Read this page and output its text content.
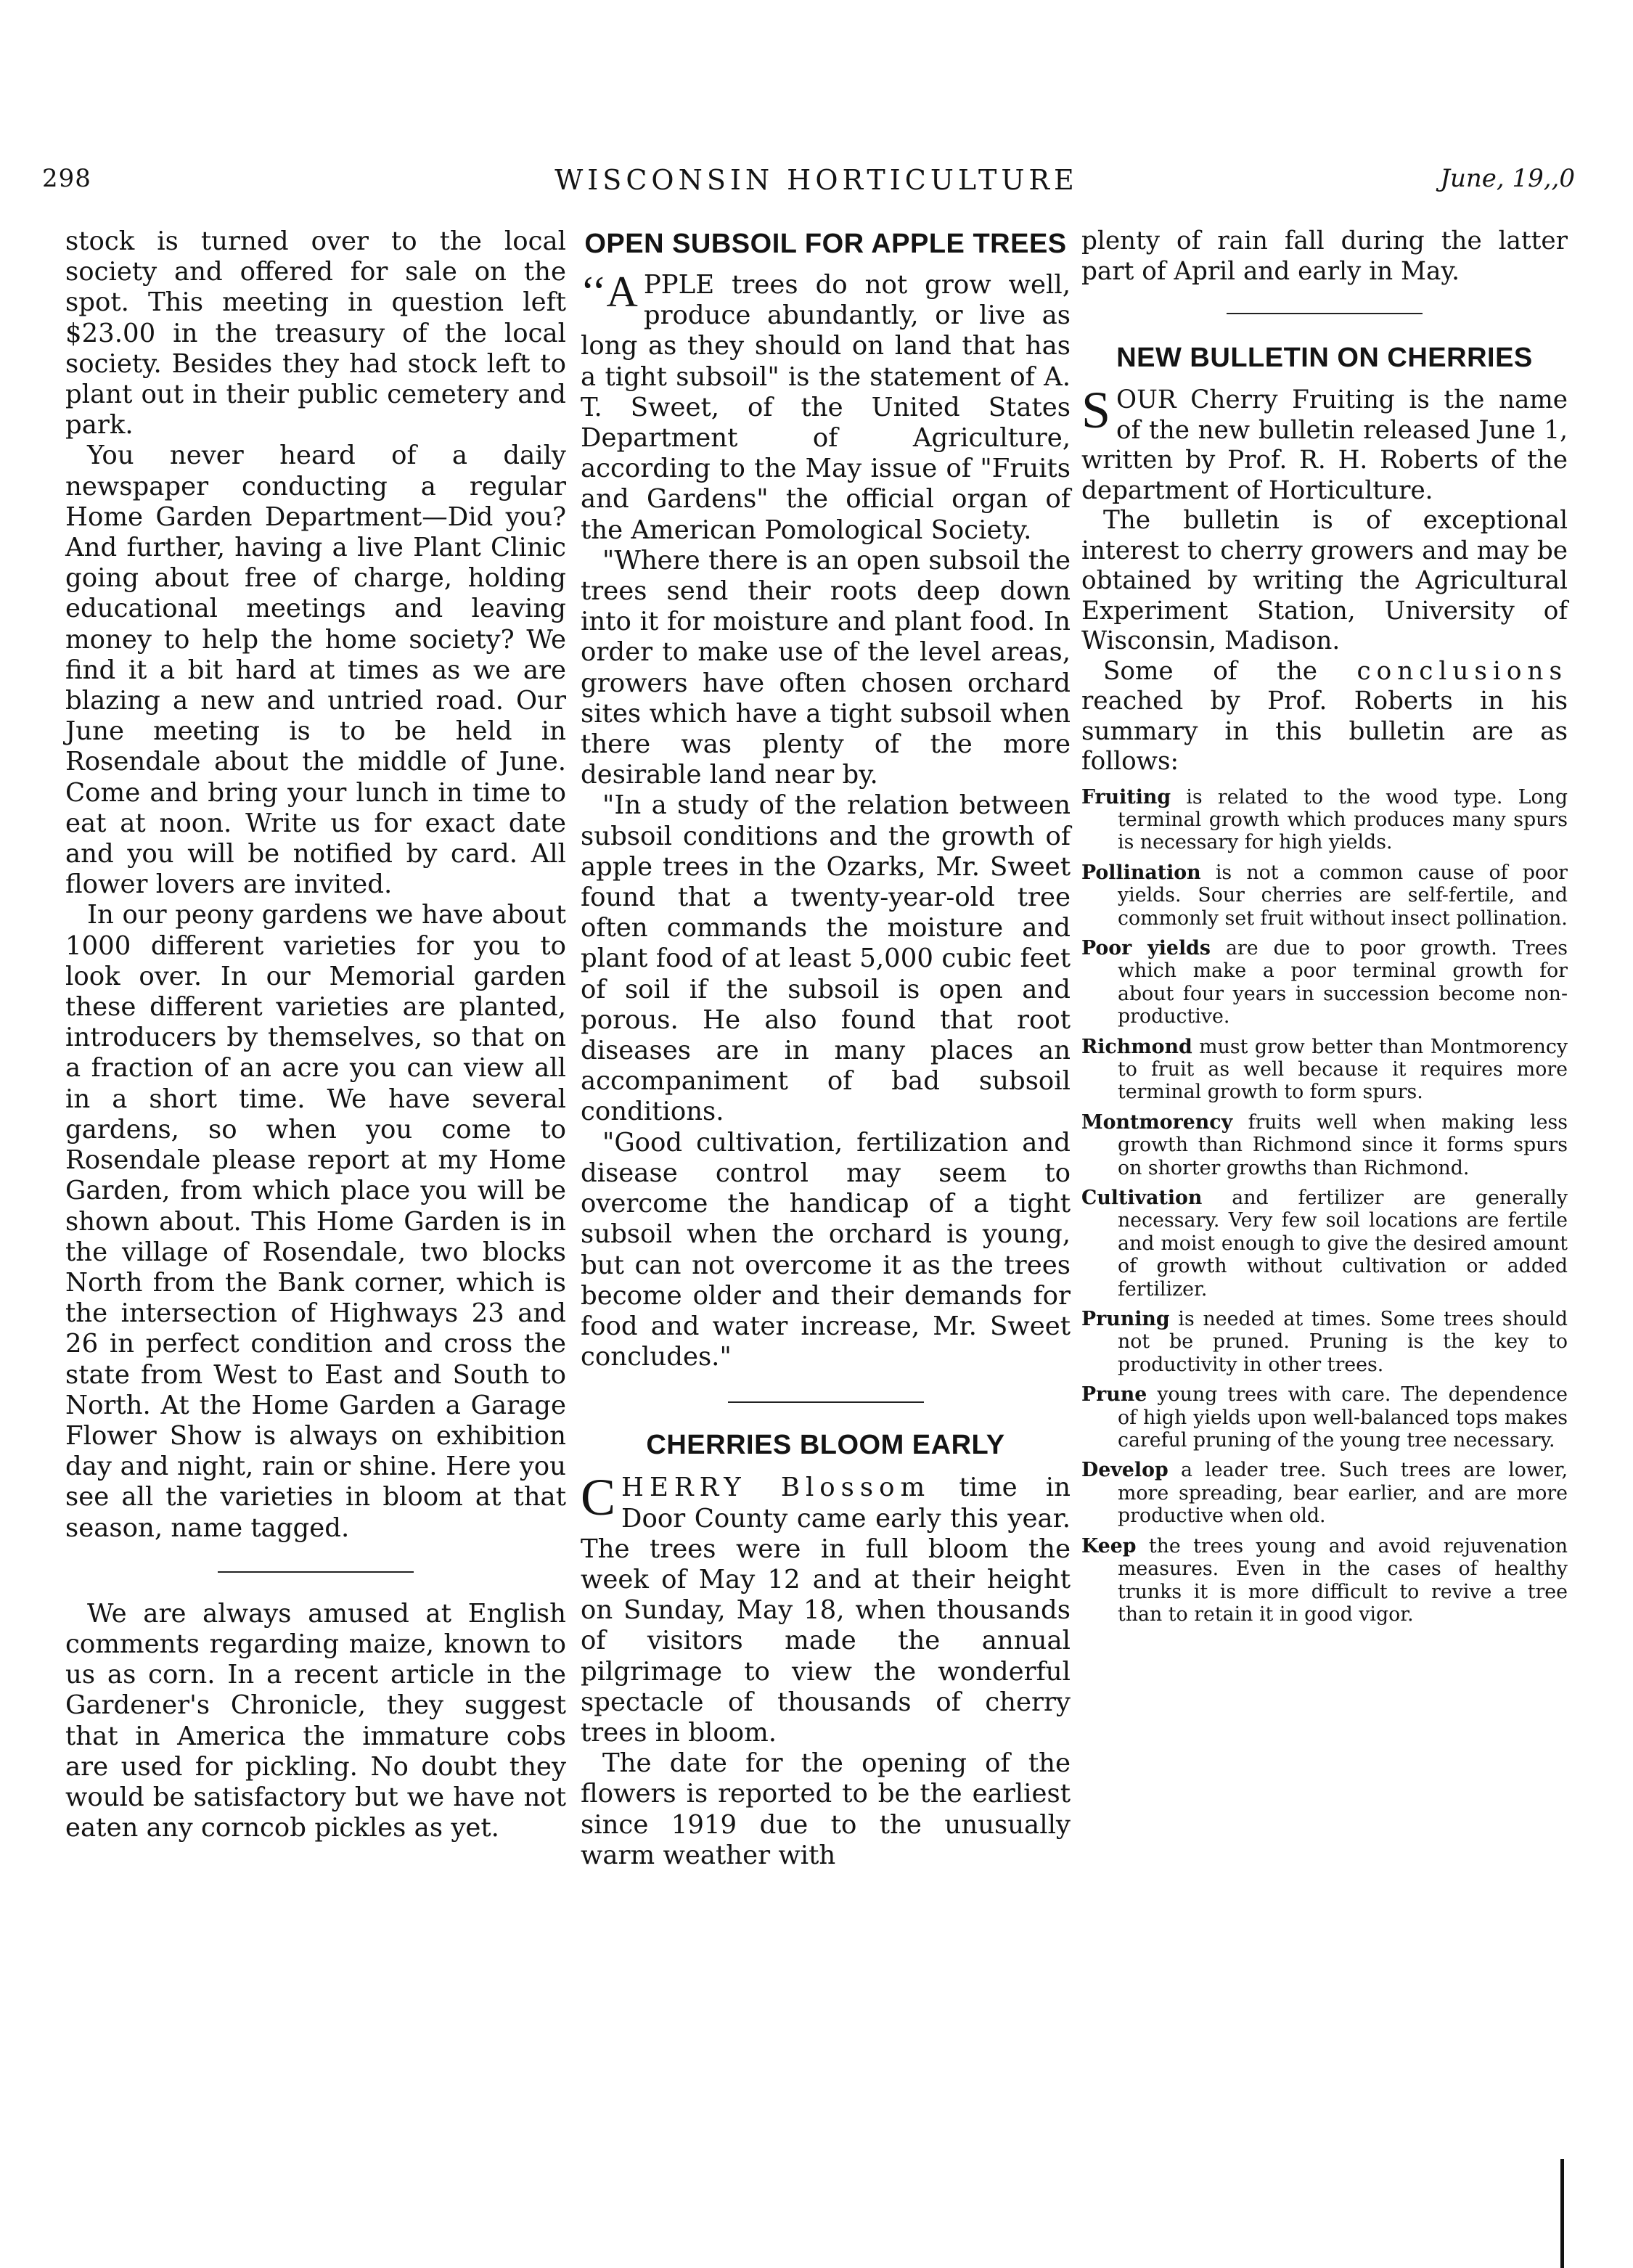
298	WISCONSIN HORTICULTURE	June, 19,,0

stock is turned over to the local society and offered for sale on the spot. This meeting in question left $23.00 in the treasury of the local society. Besides they had stock left to plant out in their public cemetery and park.

You never heard of a daily newspaper conducting a regular Home Garden Department—Did you? And further, having a live Plant Clinic going about free of charge, holding educational meetings and leaving money to help the home society? We find it a bit hard at times as we are blazing a new and untried road. Our June meeting is to be held in Rosendale about the middle of June. Come and bring your lunch in time to eat at noon. Write us for exact date and you will be notified by card. All flower lovers are invited.

In our peony gardens we have about 1000 different varieties for you to look over. In our Memorial garden these different varieties are planted, introducers by themselves, so that on a fraction of an acre you can view all in a short time. We have several gardens, so when you come to Rosendale please report at my Home Garden, from which place you will be shown about. This Home Garden is in the village of Rosendale, two blocks North from the Bank corner, which is the intersection of Highways 23 and 26 in perfect condition and cross the state from West to East and South to North. At the Home Garden a Garage Flower Show is always on exhibition day and night, rain or shine. Here you see all the varieties in bloom at that season, name tagged.

We are always amused at English comments regarding maize, known to us as corn. In a recent article in the Gardener's Chronicle, they suggest that in America the immature cobs are used for pickling. No doubt they would be satisfactory but we have not eaten any corncob pickles as yet.

OPEN SUBSOIL FOR APPLE TREES

‘‘A PPLE trees do not grow well, produce abundantly, or live as long as they should on land that has a tight subsoil" is the statement of A. T. Sweet, of the United States Department of Agriculture, according to the May issue of "Fruits and Gardens" the official organ of the American Pomological Society.

"Where there is an open subsoil the trees send their roots deep down into it for moisture and plant food. In order to make use of the level areas, growers have often chosen orchard sites which have a tight subsoil when there was plenty of the more desirable land near by.

"In a study of the relation between subsoil conditions and the growth of apple trees in the Ozarks, Mr. Sweet found that a twenty-year-old tree often commands the moisture and plant food of at least 5,000 cubic feet of soil if the subsoil is open and porous. He also found that root diseases are in many places an accompaniment of bad subsoil conditions.

"Good cultivation, fertilization and disease control may seem to overcome the handicap of a tight subsoil when the orchard is young, but can not overcome it as the trees become older and their demands for food and water increase, Mr. Sweet concludes."

CHERRIES BLOOM EARLY

CHERRY Blossom time in Door County came early this year. The trees were in full bloom the week of May 12 and at their height on Sunday, May 18, when thousands of visitors made the annual pilgrimage to view the wonderful spectacle of thousands of cherry trees in bloom.

The date for the opening of the flowers is reported to be the earliest since 1919 due to the unusually warm weather with

plenty of rain fall during the latter part of April and early in May.

NEW BULLETIN ON CHERRIES

SOUR Cherry Fruiting is the name of the new bulletin released June 1, written by Prof. R. H. Roberts of the department of Horticulture.

The bulletin is of exceptional interest to cherry growers and may be obtained by writing the Agricultural Experiment Station, University of Wisconsin, Madison.

Some of the conclusions reached by Prof. Roberts in his summary in this bulletin are as follows:

Fruiting is related to the wood type. Long terminal growth which produces many spurs is necessary for high yields.
Pollination is not a common cause of poor yields. Sour cherries are self-fertile, and commonly set fruit without insect pollination.
Poor yields are due to poor growth. Trees which make a poor terminal growth for about four years in succession become non-productive.
Richmond must grow better than Montmorency to fruit as well because it requires more terminal growth to form spurs.
Montmorency fruits well when making less growth than Richmond since it forms spurs on shorter growths than Richmond.
Cultivation and fertilizer are generally necessary. Very few soil locations are fertile and moist enough to give the desired amount of growth without cultivation or added fertilizer.
Pruning is needed at times. Some trees should not be pruned. Pruning is the key to productivity in other trees.
Prune young trees with care. The dependence of high yields upon well-balanced tops makes careful pruning of the young tree necessary.
Develop a leader tree. Such trees are lower, more spreading, bear earlier, and are more productive when old.
Keep the trees young and avoid rejuvenation measures. Even in the cases of healthy trunks it is more difficult to revive a tree than to retain it in good vigor.
